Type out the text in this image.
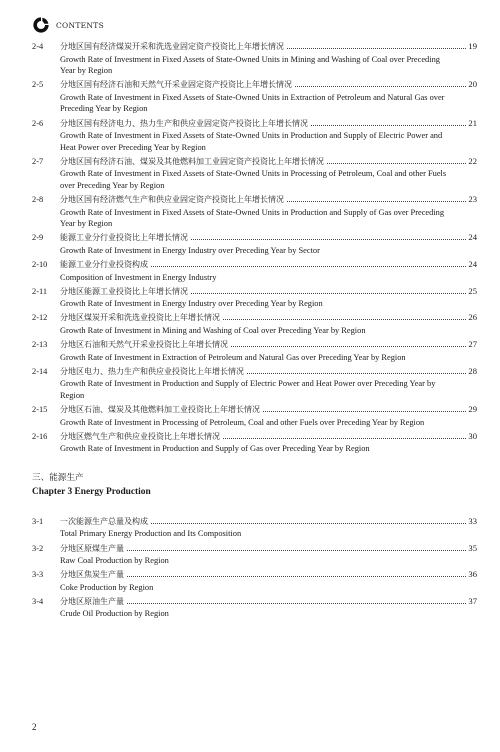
CONTENTS
2-4	分地区国有经济煤炭开采和洗选业固定资产投资比上年增长情况	19
Growth Rate of Investment in Fixed Assets of State-Owned Units in Mining and Washing of Coal over Preceding Year by Region
2-5	分地区国有经济石油和天然气开采业固定资产投资比上年增长情况	20
Growth Rate of Investment in Fixed Assets of State-Owned Units in Extraction of Petroleum and Natural Gas over Preceding Year by Region
2-6	分地区国有经济电力、热力生产和供应业固定资产投资比上年增长情况	21
Growth Rate of Investment in Fixed Assets of State-Owned Units in Production and Supply of Electric Power and Heat Power over Preceding Year by Region
2-7	分地区国有经济石油、煤炭及其他燃料加工业固定资产投资比上年增长情况	22
Growth Rate of Investment in Fixed Assets of State-Owned Units in Processing of Petroleum, Coal and other Fuels over Preceding Year by Region
2-8	分地区国有经济燃气生产和供应业固定资产投资比上年增长情况	23
Growth Rate of Investment in Fixed Assets of State-Owned Units in Production and Supply of Gas over Preceding Year by Region
2-9	能源工业分行业投资比上年增长情况	24
Growth Rate of Investment in Energy Industry over Preceding Year by Sector
2-10	能源工业分行业投资构成	24
Composition of Investment in Energy Industry
2-11	分地区能源工业投资比上年增长情况	25
Growth Rate of Investment in Energy Industry over Preceding Year by Region
2-12	分地区煤炭开采和洗选业投资比上年增长情况	26
Growth Rate of Investment in Mining and Washing of Coal over Preceding Year by Region
2-13	分地区石油和天然气开采业投资比上年增长情况	27
Growth Rate of Investment in Extraction of Petroleum and Natural Gas over Preceding Year by Region
2-14	分地区电力、热力生产和供应业投资比上年增长情况	28
Growth Rate of Investment in Production and Supply of Electric Power and Heat Power over Preceding Year by Region
2-15	分地区石油、煤炭及其他燃料加工业投资比上年增长情况	29
Growth Rate of Investment in Processing of Petroleum, Coal and other Fuels over Preceding Year by Region
2-16	分地区燃气生产和供应业投资比上年增长情况	30
Growth Rate of Investment in Production and Supply of Gas over Preceding Year by Region
三、能源生产
Chapter 3 Energy Production
3-1	一次能源生产总量及构成	33
Total Primary Energy Production and Its Composition
3-2	分地区原煤生产量	35
Raw Coal Production by Region
3-3	分地区焦炭生产量	36
Coke Production by Region
3-4	分地区原油生产量	37
Crude Oil Production by Region
2
